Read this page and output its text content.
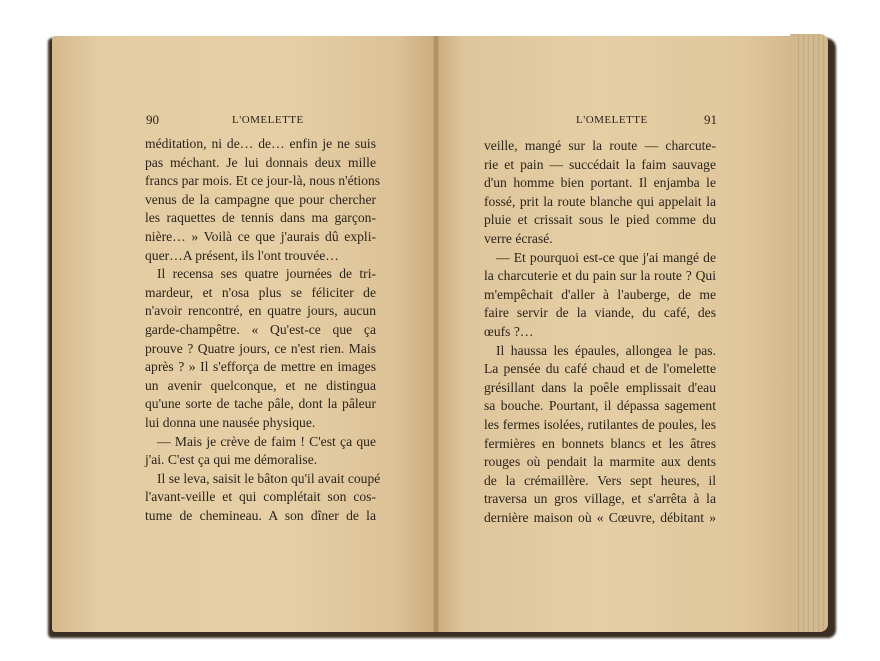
90	L'OMELETTE	L'OMELETTE	91
méditation, ni de… de… enfin je ne suis
pas méchant. Je lui donnais deux mille
francs par mois. Et ce jour-là, nous n'étions
venus de la campagne que pour chercher
les raquettes de tennis dans ma garçon-
nière… » Voilà ce que j'aurais dû expli-
quer…A présent, ils l'ont trouvée…
Il recensa ses quatre journées de tri-
mardeur, et n'osa plus se féliciter de
n'avoir rencontré, en quatre jours, aucun
garde-champêtre. « Qu'est-ce que ça
prouve ? Quatre jours, ce n'est rien. Mais
après ? » Il s'efforça de mettre en images
un avenir quelconque, et ne distingua
qu'une sorte de tache pâle, dont la pâleur
lui donna une nausée physique.
— Mais je crève de faim ! C'est ça que
j'ai. C'est ça qui me démoralise.
Il se leva, saisit le bâton qu'il avait coupé
l'avant-veille et qui complétait son cos-
tume de chemineau. A son dîner de la
veille, mangé sur la route — charcute-
rie et pain — succédait la faim sauvage
d'un homme bien portant. Il enjamba le
fossé, prit la route blanche qui appelait la
pluie et crissait sous le pied comme du
verre écrasé.
— Et pourquoi est-ce que j'ai mangé de
la charcuterie et du pain sur la route ? Qui
m'empêchait d'aller à l'auberge, de me
faire servir de la viande, du café, des
œufs ?…
Il haussa les épaules, allongea le pas.
La pensée du café chaud et de l'omelette
grésillant dans la poêle emplissait d'eau
sa bouche. Pourtant, il dépassa sagement
les fermes isolées, rutilantes de poules, les
fermières en bonnets blancs et les âtres
rouges où pendait la marmite aux dents
de la crémaillère. Vers sept heures, il
traversa un gros village, et s'arrêta à la
dernière maison où « Cœuvre, débitant »
